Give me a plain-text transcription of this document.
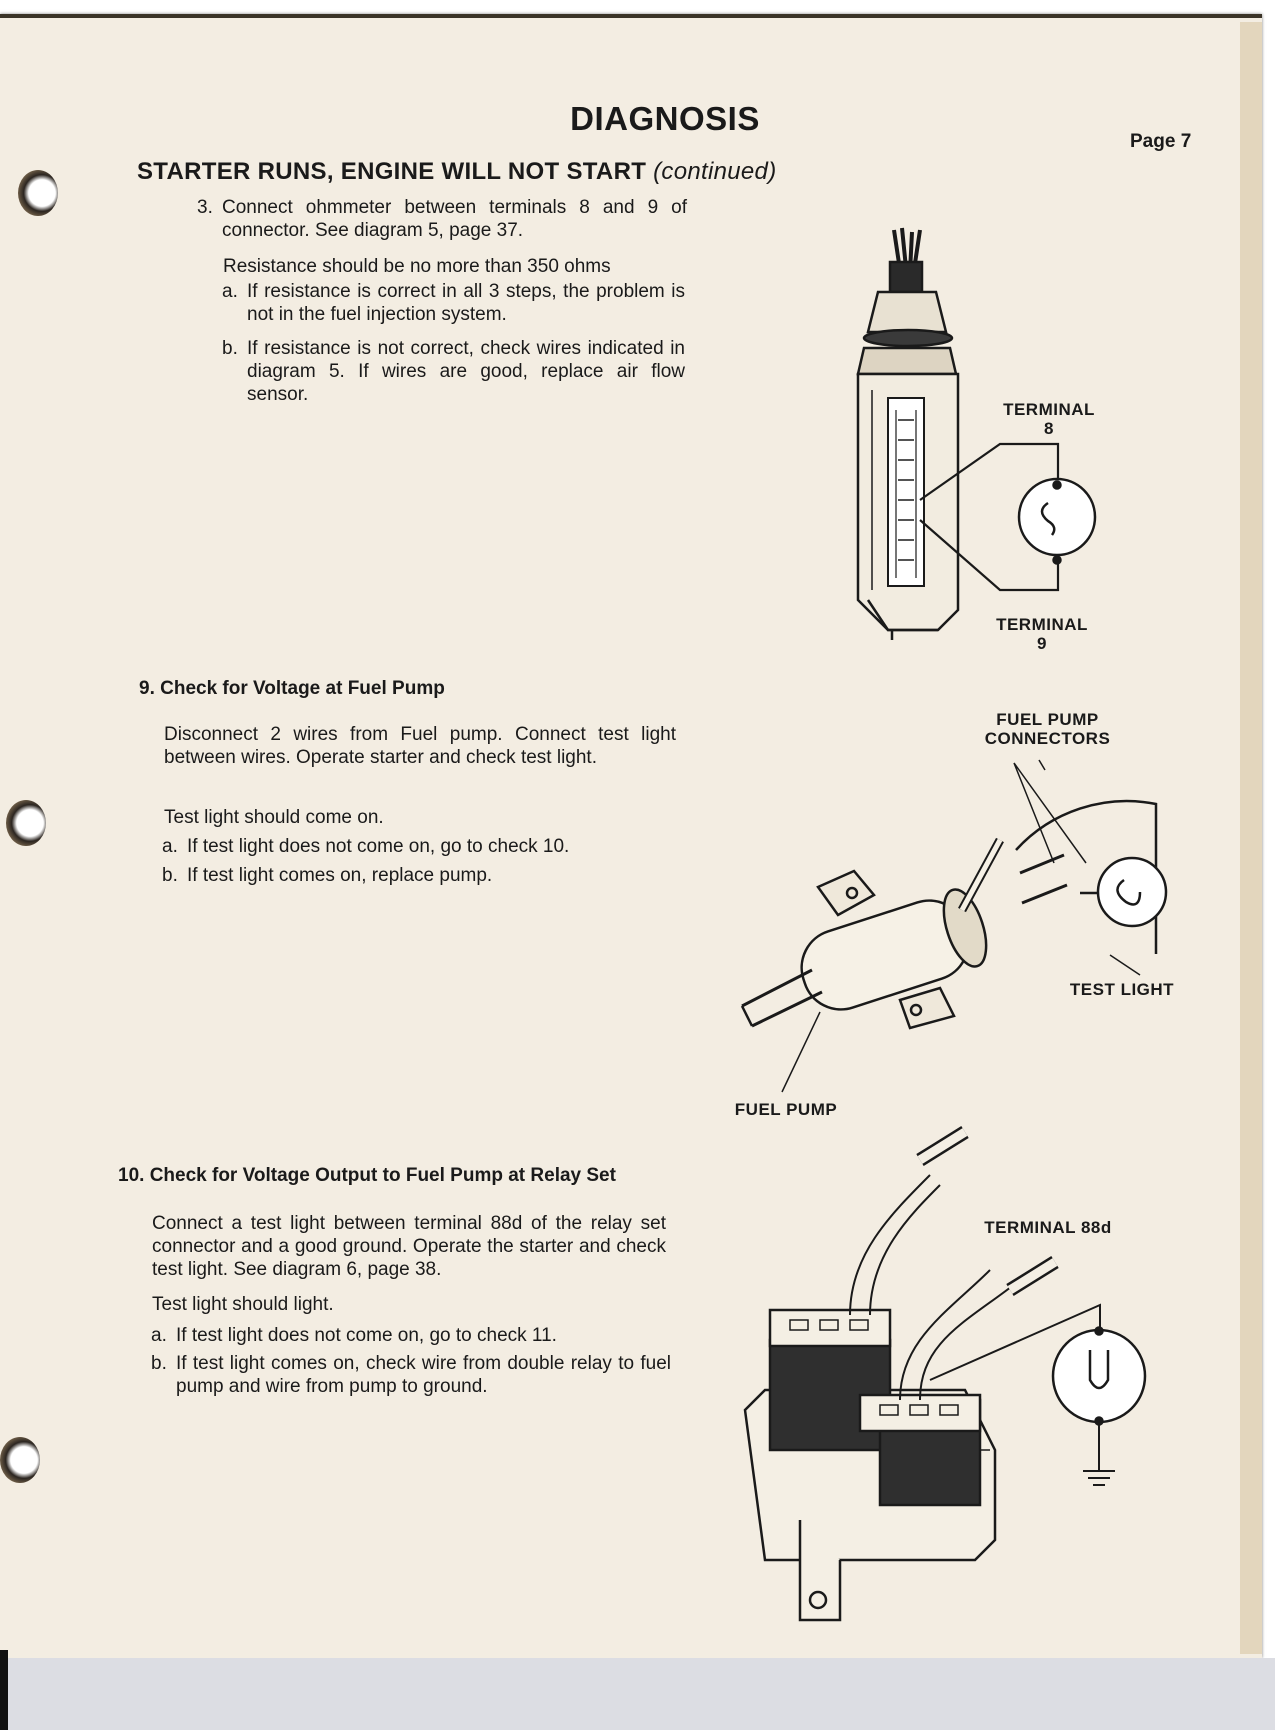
DIAGNOSIS

Page 7

STARTER RUNS, ENGINE WILL NOT START (continued)

3. Connect ohmmeter between terminals 8 and 9 of connector. See diagram 5, page 37.

Resistance should be no more than 350 ohms

a. If resistance is correct in all 3 steps, the problem is not in the fuel injection system.
b. If resistance is not correct, check wires indicated in diagram 5. If wires are good, replace air flow sensor.

9. Check for Voltage at Fuel Pump

Disconnect 2 wires from Fuel pump. Connect test light between wires. Operate starter and check test light.

Test light should come on.

a. If test light does not come on, go to check 10.
b. If test light comes on, replace pump.

10. Check for Voltage Output to Fuel Pump at Relay Set

Connect a test light between terminal 88d of the relay set connector and a good ground. Operate the starter and check test light. See diagram 6, page 38.

Test light should light.

a. If test light does not come on, go to check 11.
b. If test light comes on, check wire from double relay to fuel pump and wire from pump to ground.
TERMINAL
8
TERMINAL
9
FUEL PUMP
CONNECTORS
TEST LIGHT
FUEL PUMP
TERMINAL 88d
